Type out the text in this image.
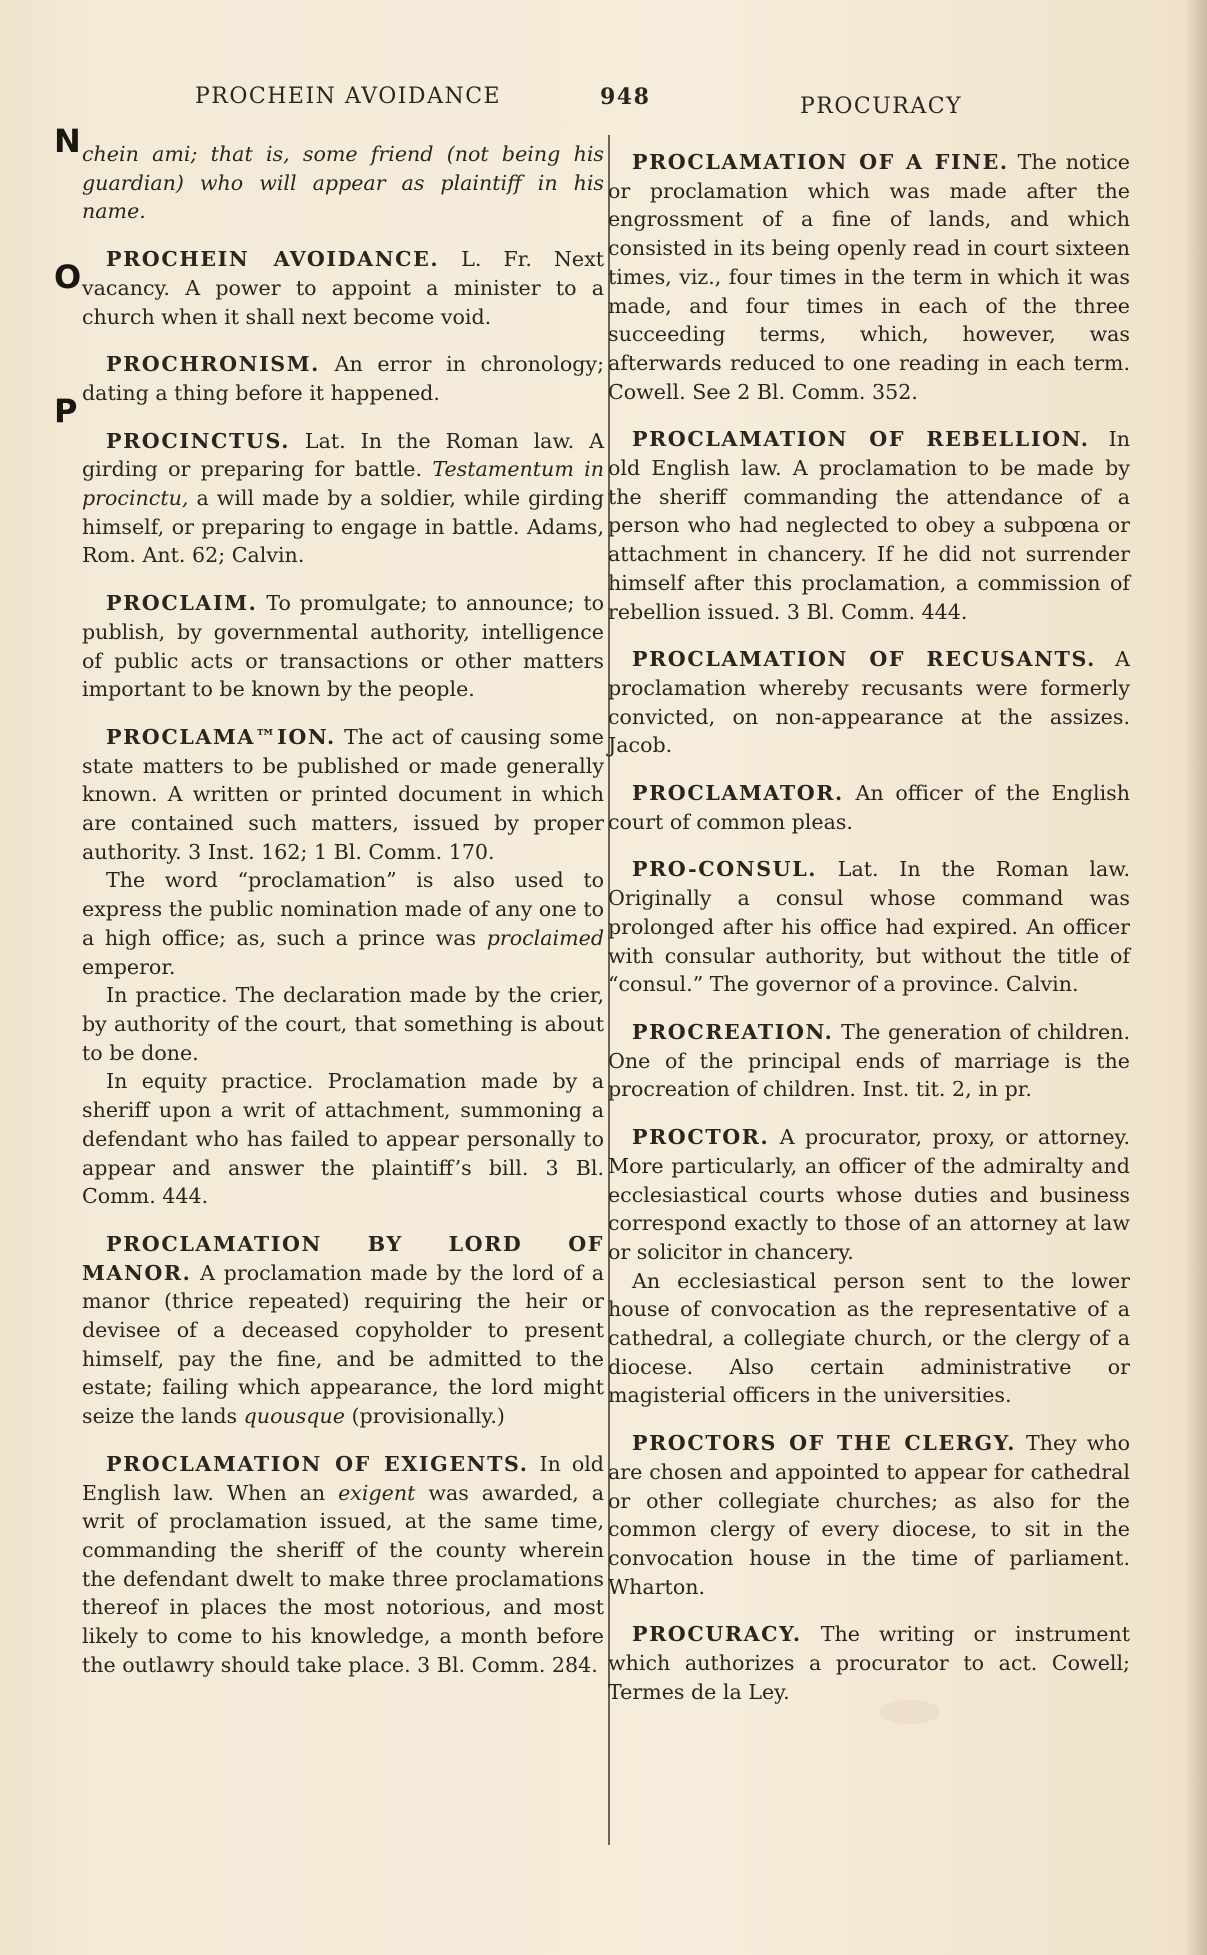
PROCHEIN AVOIDANCE	948	PROCURACY
N
O
P

chein ami; that is, some friend (not being his guardian) who will appear as plaintiff in his name.

PROCHEIN AVOIDANCE. L. Fr. Next vacancy. A power to appoint a minister to a church when it shall next become void.

PROCHRONISM. An error in chronology; dating a thing before it happened.

PROCINCTUS. Lat. In the Roman law. A girding or preparing for battle. Testamentum in procinctu, a will made by a soldier, while girding himself, or preparing to engage in battle. Adams, Rom. Ant. 62; Calvin.

PROCLAIM. To promulgate; to announce; to publish, by governmental authority, intelligence of public acts or transactions or other matters important to be known by the people.

PROCLAMA™ION. The act of causing some state matters to be published or made generally known. A written or printed document in which are contained such matters, issued by proper authority. 3 Inst. 162; 1 Bl. Comm. 170.

The word “proclamation” is also used to express the public nomination made of any one to a high office; as, such a prince was proclaimed emperor.

In practice. The declaration made by the crier, by authority of the court, that something is about to be done.

In equity practice. Proclamation made by a sheriff upon a writ of attachment, summoning a defendant who has failed to appear personally to appear and answer the plaintiff’s bill. 3 Bl. Comm. 444.

PROCLAMATION BY LORD OF MANOR. A proclamation made by the lord of a manor (thrice repeated) requiring the heir or devisee of a deceased copyholder to present himself, pay the fine, and be admitted to the estate; failing which appearance, the lord might seize the lands quousque (provisionally.)

PROCLAMATION OF EXIGENTS. In old English law. When an exigent was awarded, a writ of proclamation issued, at the same time, commanding the sheriff of the county wherein the defendant dwelt to make three proclamations thereof in places the most notorious, and most likely to come to his knowledge, a month before the outlawry should take place. 3 Bl. Comm. 284.

PROCLAMATION OF A FINE. The notice or proclamation which was made after the engrossment of a fine of lands, and which consisted in its being openly read in court sixteen times, viz., four times in the term in which it was made, and four times in each of the three succeeding terms, which, however, was afterwards reduced to one reading in each term. Cowell. See 2 Bl. Comm. 352.

PROCLAMATION OF REBELLION. In old English law. A proclamation to be made by the sheriff commanding the attendance of a person who had neglected to obey a subpœna or attachment in chancery. If he did not surrender himself after this proclamation, a commission of rebellion issued. 3 Bl. Comm. 444.

PROCLAMATION OF RECUSANTS. A proclamation whereby recusants were formerly convicted, on non-appearance at the assizes. Jacob.

PROCLAMATOR. An officer of the English court of common pleas.

PRO-CONSUL. Lat. In the Roman law. Originally a consul whose command was prolonged after his office had expired. An officer with consular authority, but without the title of “consul.” The governor of a province. Calvin.

PROCREATION. The generation of children. One of the principal ends of marriage is the procreation of children. Inst. tit. 2, in pr.

PROCTOR. A procurator, proxy, or attorney. More particularly, an officer of the admiralty and ecclesiastical courts whose duties and business correspond exactly to those of an attorney at law or solicitor in chancery.

An ecclesiastical person sent to the lower house of convocation as the representative of a cathedral, a collegiate church, or the clergy of a diocese. Also certain administrative or magisterial officers in the universities.

PROCTORS OF THE CLERGY. They who are chosen and appointed to appear for cathedral or other collegiate churches; as also for the common clergy of every diocese, to sit in the convocation house in the time of parliament. Wharton.

PROCURACY. The writing or instrument which authorizes a procurator to act. Cowell; Termes de la Ley.
